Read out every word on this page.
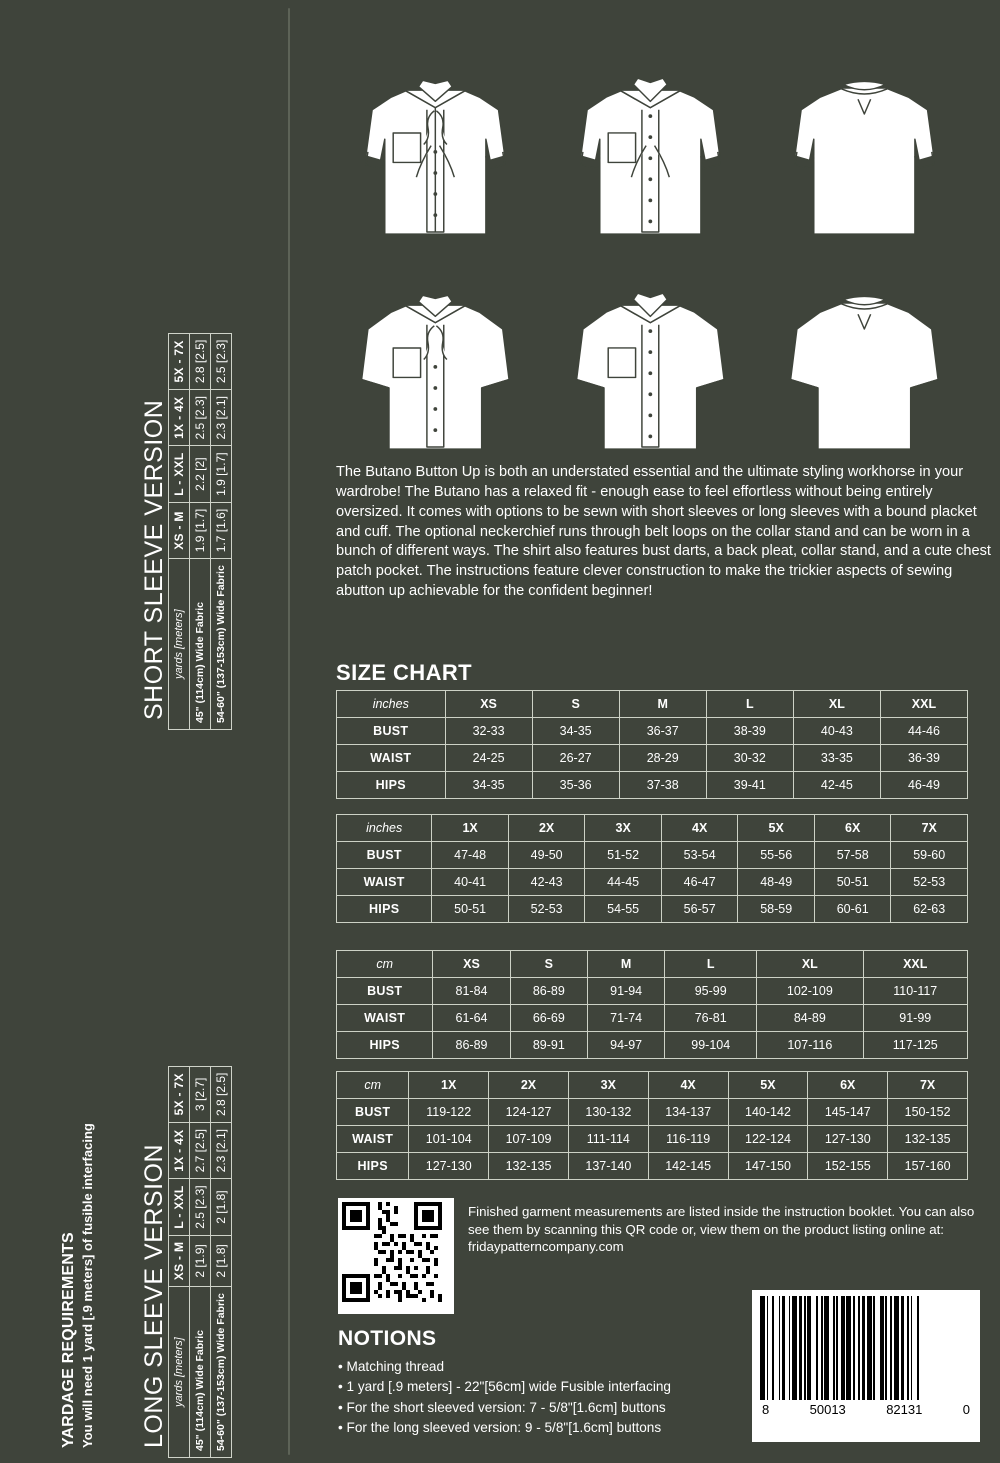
YARDAGE REQUIREMENTS You will need 1 yard [.9 meters] of fusible interfacing LONG SLEEVE VERSION yards [meters]	XS - M	L - XXL	1X - 4X	5X - 7X
45" (114cm) Wide Fabric	2 [1.9]	2.5 [2.3]	2.7 [2.5]	3 [2.7]
54-60" (137-153cm) Wide Fabric	2 [1.8]	2 [1.8]	2.3 [2.1]	2.8 [2.5]
SHORT SLEEVE VERSION yards [meters]	XS - M	L - XXL	1X - 4X	5X - 7X
45" (114cm) Wide Fabric	1.9 [1.7]	2.2 [2]	2.5 [2.3]	2.8 [2.5]
54-60" (137-153cm) Wide Fabric	1.7 [1.6]	1.9 [1.7]	2.3 [2.1]	2.5 [2.3]
The Butano Button Up is both an understated essential and the ultimate styling workhorse in your wardrobe! The Butano has a relaxed fit - enough ease to feel effortless without being entirely oversized. It comes with options to be sewn with short sleeves or long sleeves with a bound placket and cuff. The optional neckerchief runs through belt loops on the collar stand and can be worn in a bunch of different ways. The shirt also features bust darts, a back pleat, collar stand, and a cute chest patch pocket. The instructions feature clever construction to make the trickier aspects of sewing abutton up achievable for the confident beginner!
SIZE CHART
inches	XS	S	M	L	XL	XXL
BUST	32-33	34-35	36-37	38-39	40-43	44-46
WAIST	24-25	26-27	28-29	30-32	33-35	36-39
HIPS	34-35	35-36	37-38	39-41	42-45	46-49
inches	1X	2X	3X	4X	5X	6X	7X
BUST	47-48	49-50	51-52	53-54	55-56	57-58	59-60
WAIST	40-41	42-43	44-45	46-47	48-49	50-51	52-53
HIPS	50-51	52-53	54-55	56-57	58-59	60-61	62-63
cm	XS	S	M	L	XL	XXL
BUST	81-84	86-89	91-94	95-99	102-109	110-117
WAIST	61-64	66-69	71-74	76-81	84-89	91-99
HIPS	86-89	89-91	94-97	99-104	107-116	117-125
cm	1X	2X	3X	4X	5X	6X	7X
BUST	119-122	124-127	130-132	134-137	140-142	145-147	150-152
WAIST	101-104	107-109	111-114	116-119	122-124	127-130	132-135
HIPS	127-130	132-135	137-140	142-145	147-150	152-155	157-160
Finished garment measurements are listed inside the instruction booklet. You can also see them by scanning this QR code or, view them on the product listing online at: fridaypatterncompany.com
NOTIONS
• Matching thread
• 1 yard [.9 meters] - 22"[56cm] wide Fusible interfacing
• For the short sleeved version: 7 - 5/8"[1.6cm] buttons
• For the long sleeved version: 9 - 5/8"[1.6cm] buttons
8	50013	82131	0
